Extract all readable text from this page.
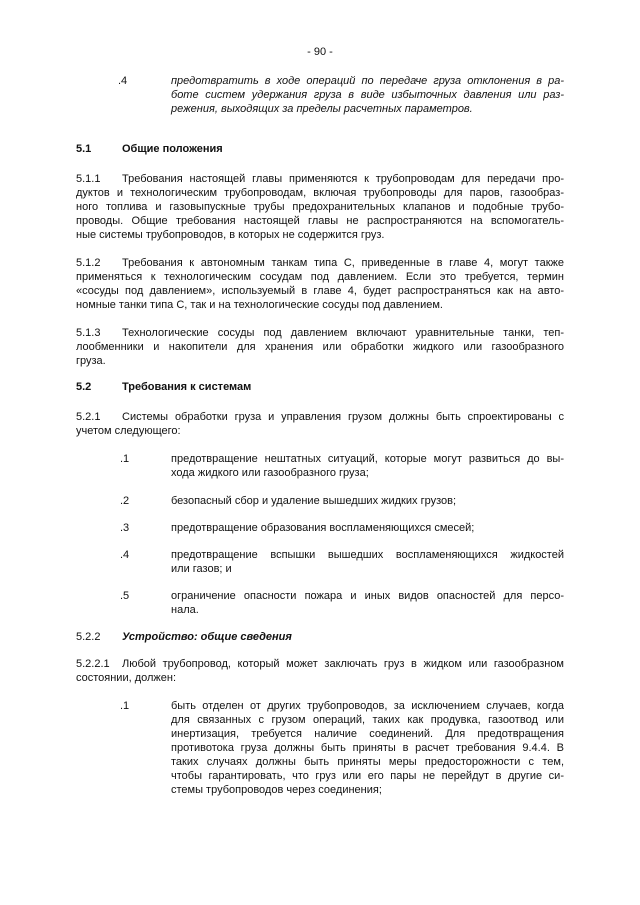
- 90 -
.4	предотвратить в ходе операций по передаче груза отклонения в ра-
боте систем удержания груза в виде избыточных давления или раз-
режения, выходящих за пределы расчетных параметров.
5.1	Общие положения
5.1.1 Требования настоящей главы применяются к трубопроводам для передачи про-
дуктов и технологическим трубопроводам, включая трубопроводы для паров, газообраз-
ного топлива и газовыпускные трубы предохранительных клапанов и подобные трубо-
проводы. Общие требования настоящей главы не распространяются на вспомогатель-
ные системы трубопроводов, в которых не содержится груз.
5.1.2 Требования к автономным танкам типа С, приведенные в главе 4, могут также
применяться к технологическим сосудам под давлением. Если это требуется, термин
«сосуды под давлением», используемый в главе 4, будет распространяться как на авто-
номные танки типа С, так и на технологические сосуды под давлением.
5.1.3 Технологические сосуды под давлением включают уравнительные танки, теп-
лообменники и накопители для хранения или обработки жидкого или газообразного
груза.
5.2	Требования к системам
5.2.1 Системы обработки груза и управления грузом должны быть спроектированы с
учетом следующего:
.1	предотвращение нештатных ситуаций, которые могут развиться до вы-
хода жидкого или газообразного груза;
.2	безопасный сбор и удаление вышедших жидких грузов;
.3	предотвращение образования воспламеняющихся смесей;
.4	предотвращение вспышки вышедших воспламеняющихся жидкостей
или газов; и
.5	ограничение опасности пожара и иных видов опасностей для персо-
нала.
5.2.2 Устройство: общие сведения
5.2.2.1 Любой трубопровод, который может заключать груз в жидком или газообразном
состоянии, должен:
.1	быть отделен от других трубопроводов, за исключением случаев, когда
для связанных с грузом операций, таких как продувка, газоотвод или
инертизация, требуется наличие соединений. Для предотвращения
противотока груза должны быть приняты в расчет требования 9.4.4. В
таких случаях должны быть приняты меры предосторожности с тем,
чтобы гарантировать, что груз или его пары не перейдут в другие си-
стемы трубопроводов через соединения;
